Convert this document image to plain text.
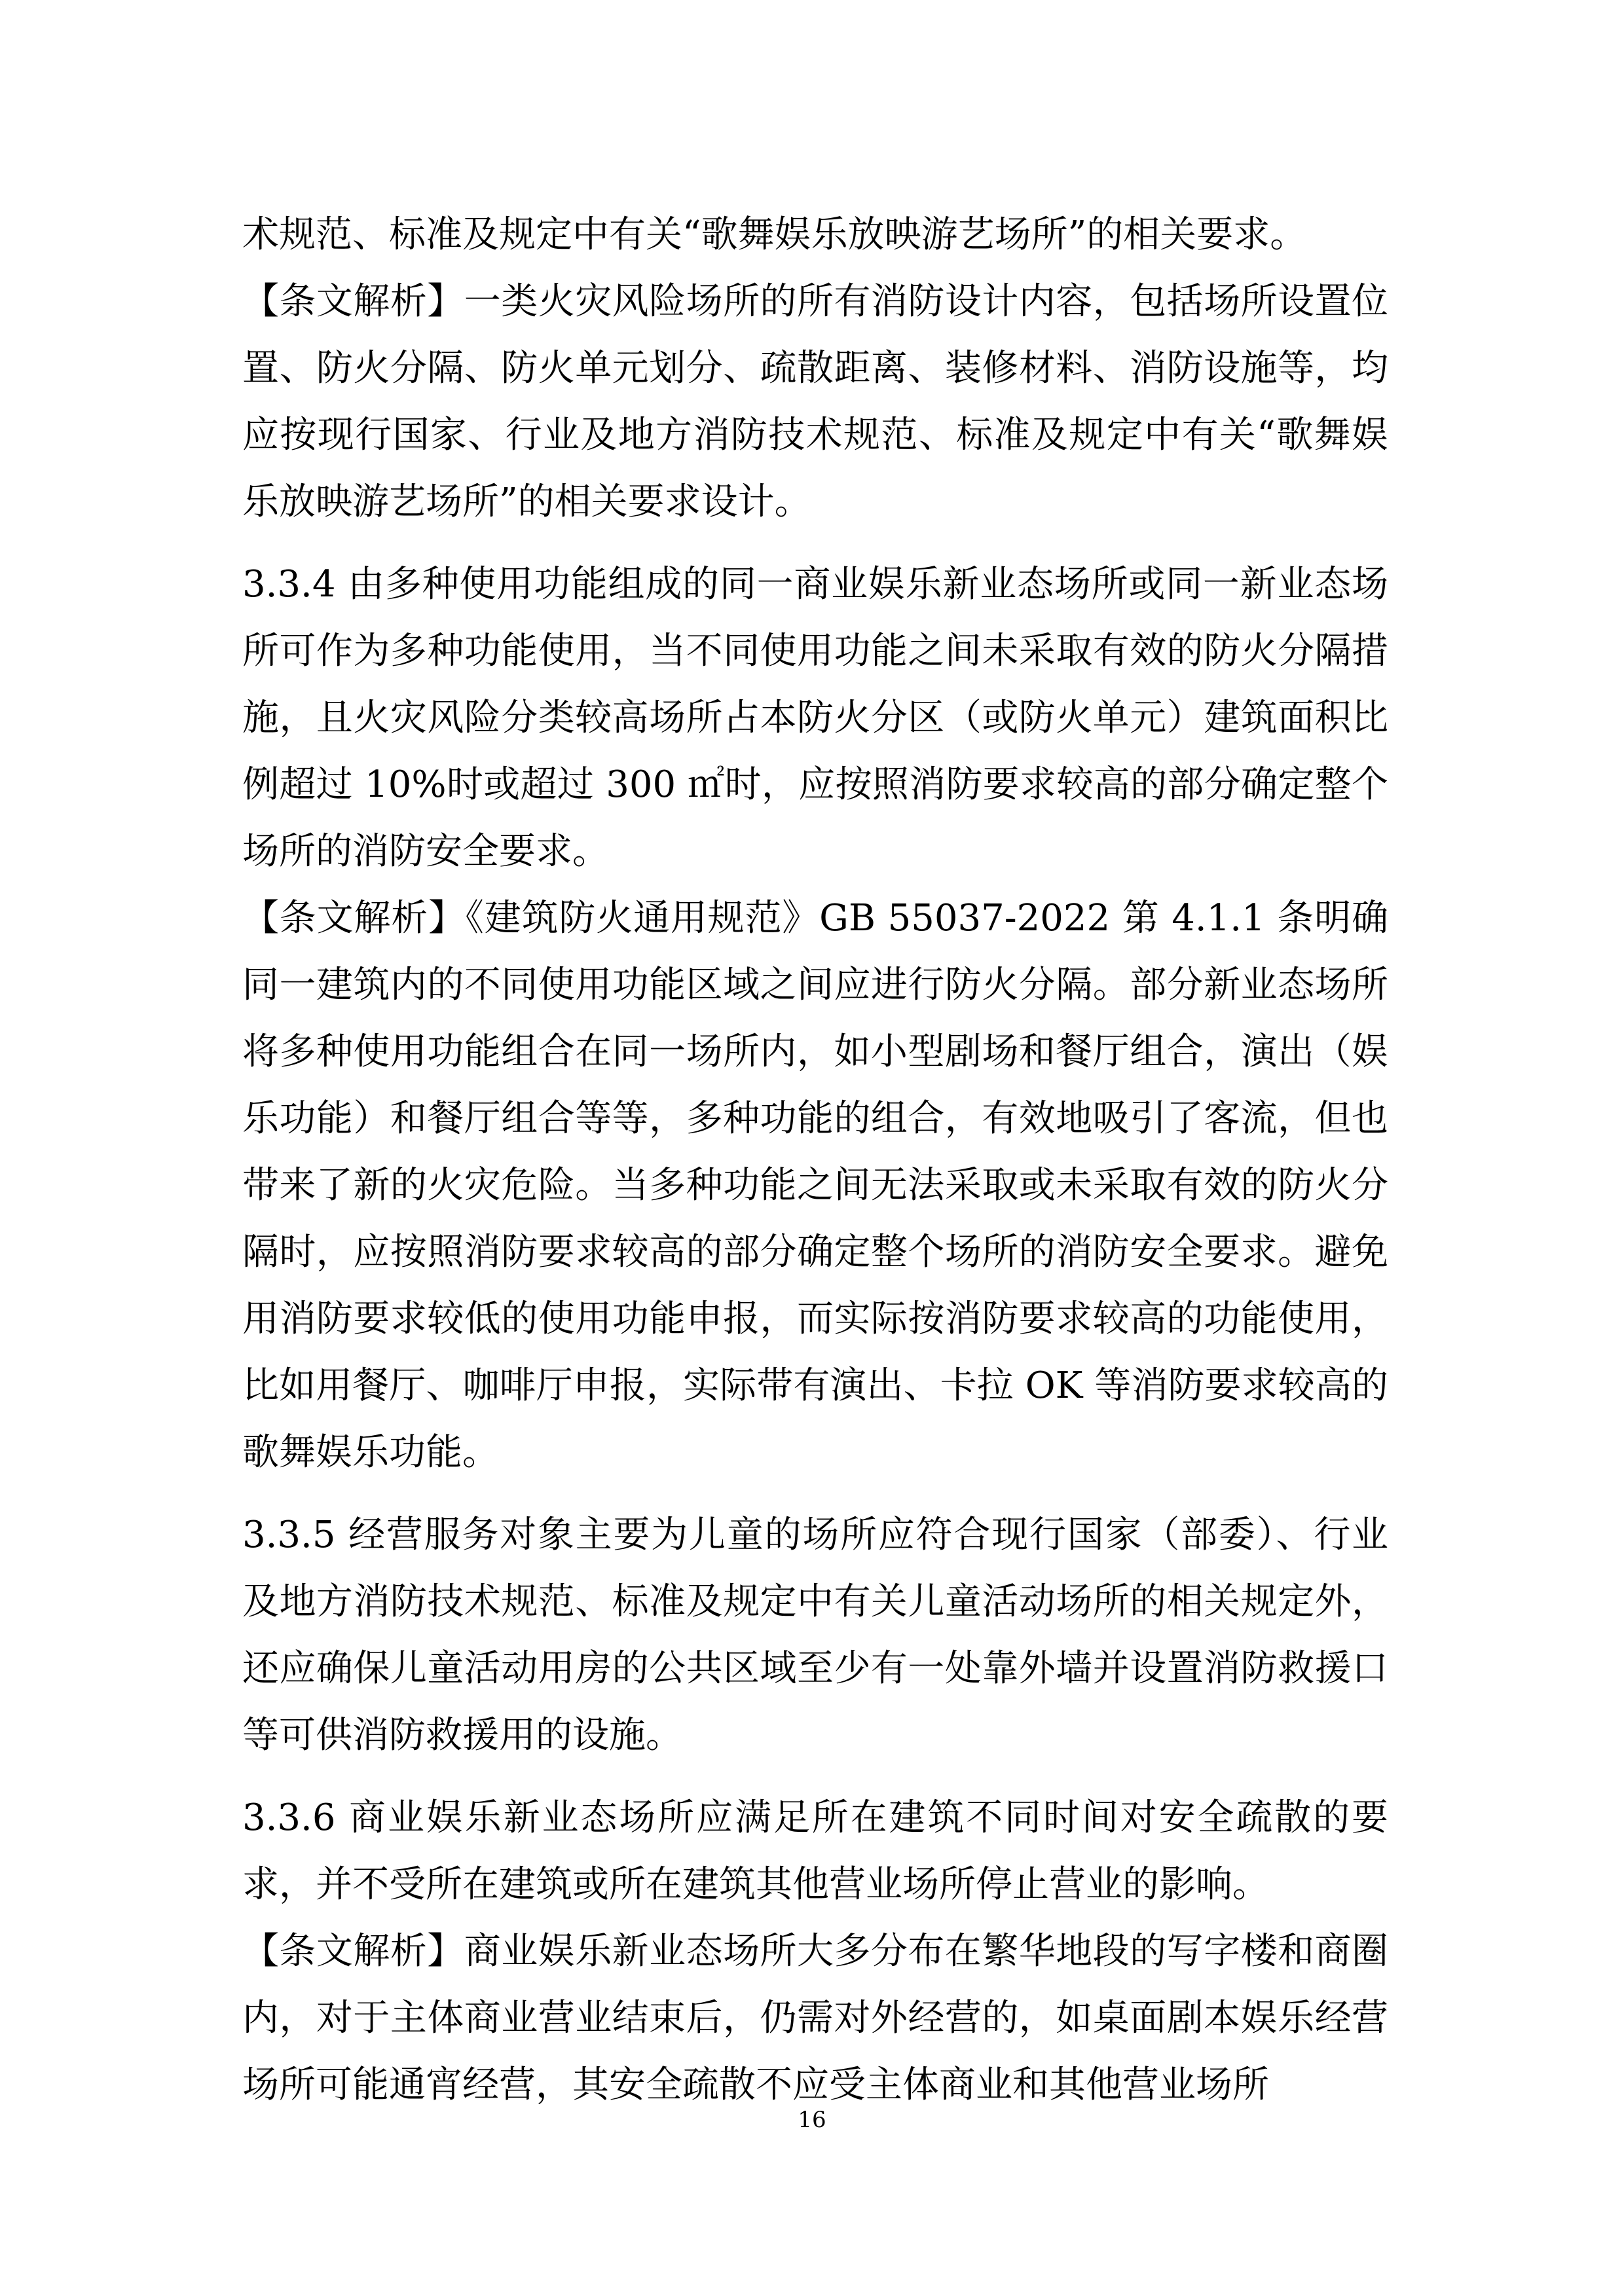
术规范、标准及规定中有关“歌舞娱乐放映游艺场所”的相关要求。

【条文解析】一类火灾风险场所的所有消防设计内容，包括场所设置位置、防火分隔、防火单元划分、疏散距离、装修材料、消防设施等，均应按现行国家、行业及地方消防技术规范、标准及规定中有关“歌舞娱乐放映游艺场所”的相关要求设计。

3.3.4 由多种使用功能组成的同一商业娱乐新业态场所或同一新业态场所可作为多种功能使用，当不同使用功能之间未采取有效的防火分隔措施，且火灾风险分类较高场所占本防火分区（或防火单元）建筑面积比例超过 10%时或超过 300 ㎡时，应按照消防要求较高的部分确定整个场所的消防安全要求。

【条文解析】《建筑防火通用规范》GB 55037-2022 第 4.1.1 条明确同一建筑内的不同使用功能区域之间应进行防火分隔。部分新业态场所将多种使用功能组合在同一场所内，如小型剧场和餐厅组合，演出（娱乐功能）和餐厅组合等等，多种功能的组合，有效地吸引了客流，但也带来了新的火灾危险。当多种功能之间无法采取或未采取有效的防火分隔时，应按照消防要求较高的部分确定整个场所的消防安全要求。避免用消防要求较低的使用功能申报，而实际按消防要求较高的功能使用，比如用餐厅、咖啡厅申报，实际带有演出、卡拉 OK 等消防要求较高的歌舞娱乐功能。

3.3.5 经营服务对象主要为儿童的场所应符合现行国家（部委）、行业及地方消防技术规范、标准及规定中有关儿童活动场所的相关规定外，还应确保儿童活动用房的公共区域至少有一处靠外墙并设置消防救援口等可供消防救援用的设施。

3.3.6 商业娱乐新业态场所应满足所在建筑不同时间对安全疏散的要求，并不受所在建筑或所在建筑其他营业场所停止营业的影响。

【条文解析】商业娱乐新业态场所大多分布在繁华地段的写字楼和商圈内，对于主体商业营业结束后，仍需对外经营的，如桌面剧本娱乐经营场所可能通宵经营，其安全疏散不应受主体商业和其他营业场所

16
